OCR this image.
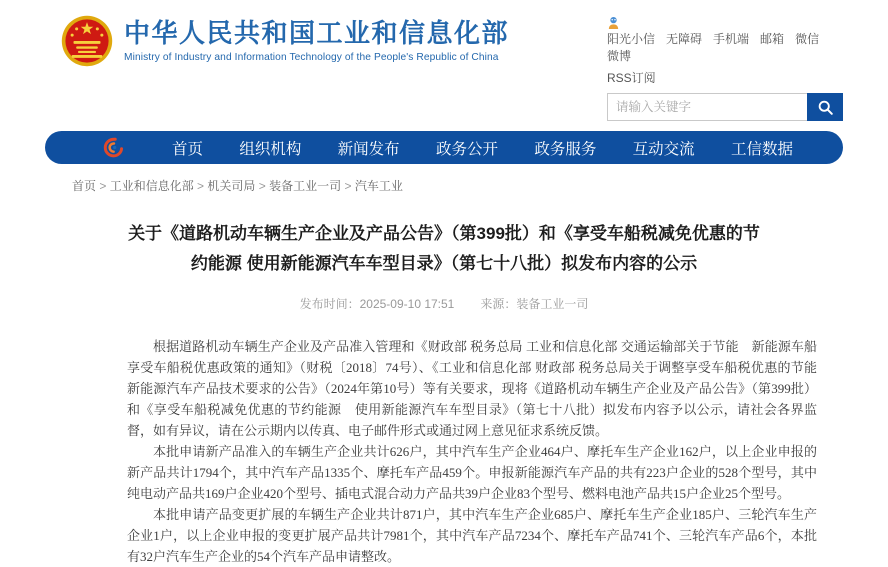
中华人民共和国工业和信息化部
Ministry of Industry and Information Technology of the People's Republic of China
阳光小信 无障碍 手机端 邮箱 微信微博
RSS订阅
请输入关键字
首页 组织机构 新闻发布 政务公开 政务服务 互动交流 工信数据
首页 > 工业和信息化部 > 机关司局 > 装备工业一司 > 汽车工业
关于《道路机动车辆生产企业及产品公告》（第399批）和《享受车船税减免优惠的节约能源 使用新能源汽车车型目录》（第七十八批）拟发布内容的公示
发布时间：2025-09-10 17:51 来源：装备工业一司

根据道路机动车辆生产企业及产品准入管理和《财政部 税务总局 工业和信息化部 交通运输部关于节能　新能源车船享受车船税优惠政策的通知》（财税〔2018〕74号）、《工业和信息化部 财政部 税务总局关于调整享受车船税优惠的节能 新能源汽车产品技术要求的公告》（2024年第10号）等有关要求，现将《道路机动车辆生产企业及产品公告》（第399批）和《享受车船税减免优惠的节约能源　使用新能源汽车车型目录》（第七十八批）拟发布内容予以公示，请社会各界监督，如有异议，请在公示期内以传真、电子邮件形式或通过网上意见征求系统反馈。

本批申请新产品准入的车辆生产企业共计626户，其中汽车生产企业464户、摩托车生产企业162户，以上企业申报的新产品共计1794个，其中汽车产品1335个、摩托车产品459个。申报新能源汽车产品的共有223户企业的528个型号，其中纯电动产品共169户企业420个型号、插电式混合动力产品共39户企业83个型号、燃料电池产品共15户企业25个型号。

本批申请产品变更扩展的车辆生产企业共计871户，其中汽车生产企业685户、摩托车生产企业185户、三轮汽车生产企业1户，以上企业申报的变更扩展产品共计7981个，其中汽车产品7234个、摩托车产品741个、三轮汽车产品6个，本批有32户汽车生产企业的54个汽车产品申请整改。
